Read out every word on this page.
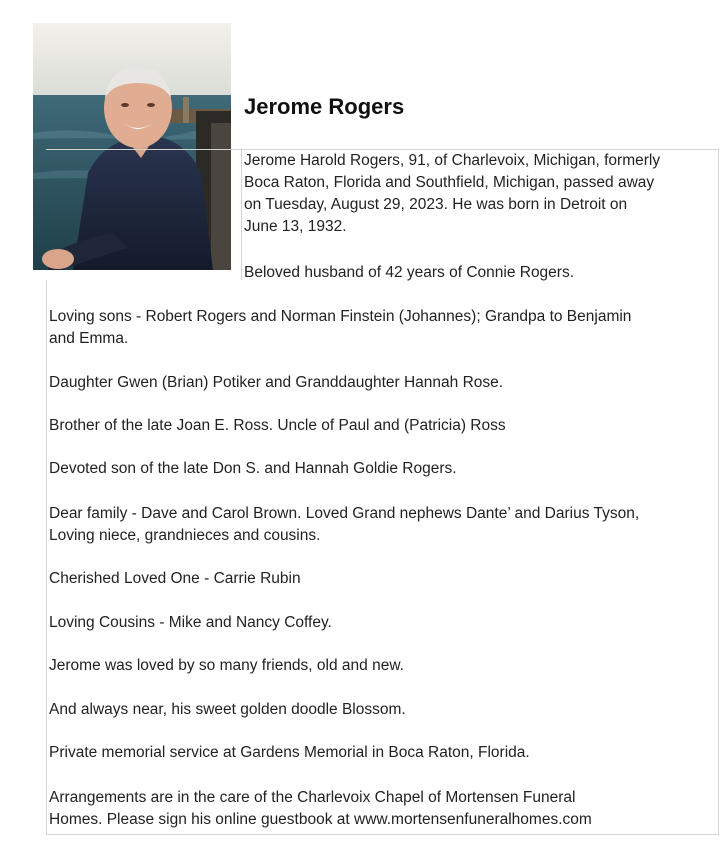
Jerome Rogers

Jerome Harold Rogers, 91, of Charlevoix, Michigan, formerly
Boca Raton, Florida and Southfield, Michigan, passed away
on Tuesday, August 29, 2023. He was born in Detroit on
June 13, 1932.

Beloved husband of 42 years of Connie Rogers.

Loving sons - Robert Rogers and Norman Finstein (Johannes); Grandpa to Benjamin
and Emma.

Daughter Gwen (Brian) Potiker and Granddaughter Hannah Rose.

Brother of the late Joan E. Ross. Uncle of Paul and (Patricia) Ross

Devoted son of the late Don S. and Hannah Goldie Rogers.

Dear family - Dave and Carol Brown. Loved Grand nephews Dante’ and Darius Tyson,
Loving niece, grandnieces and cousins.

Cherished Loved One - Carrie Rubin

Loving Cousins - Mike and Nancy Coffey.

Jerome was loved by so many friends, old and new.

And always near, his sweet golden doodle Blossom.

Private memorial service at Gardens Memorial in Boca Raton, Florida.

Arrangements are in the care of the Charlevoix Chapel of Mortensen Funeral
Homes. Please sign his online guestbook at www.mortensenfuneralhomes.com
